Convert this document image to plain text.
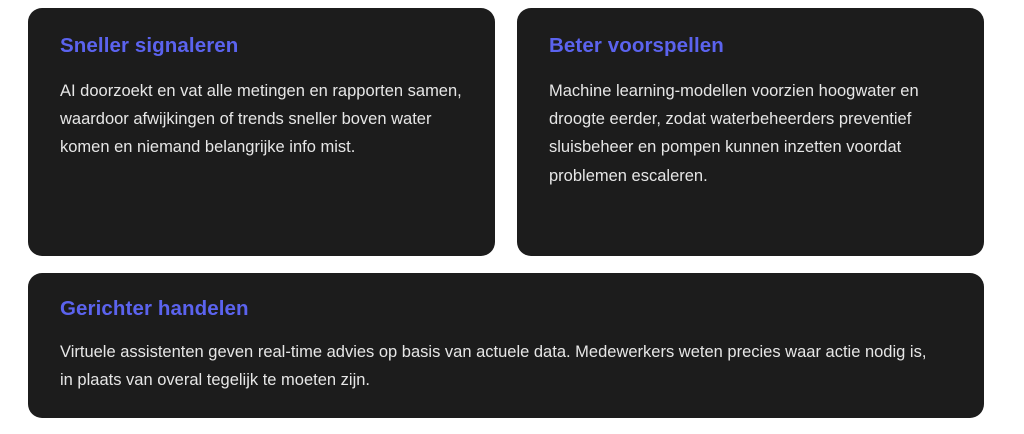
Sneller signaleren

AI doorzoekt en vat alle metingen en rapporten samen, waardoor afwijkingen of trends sneller boven water komen en niemand belangrijke info mist.

Beter voorspellen

Machine learning-modellen voorzien hoogwater en droogte eerder, zodat waterbeheerders preventief sluisbeheer en pompen kunnen inzetten voordat problemen escaleren.

Gerichter handelen

Virtuele assistenten geven real-time advies op basis van actuele data. Medewerkers weten precies waar actie nodig is, in plaats van overal tegelijk te moeten zijn.
